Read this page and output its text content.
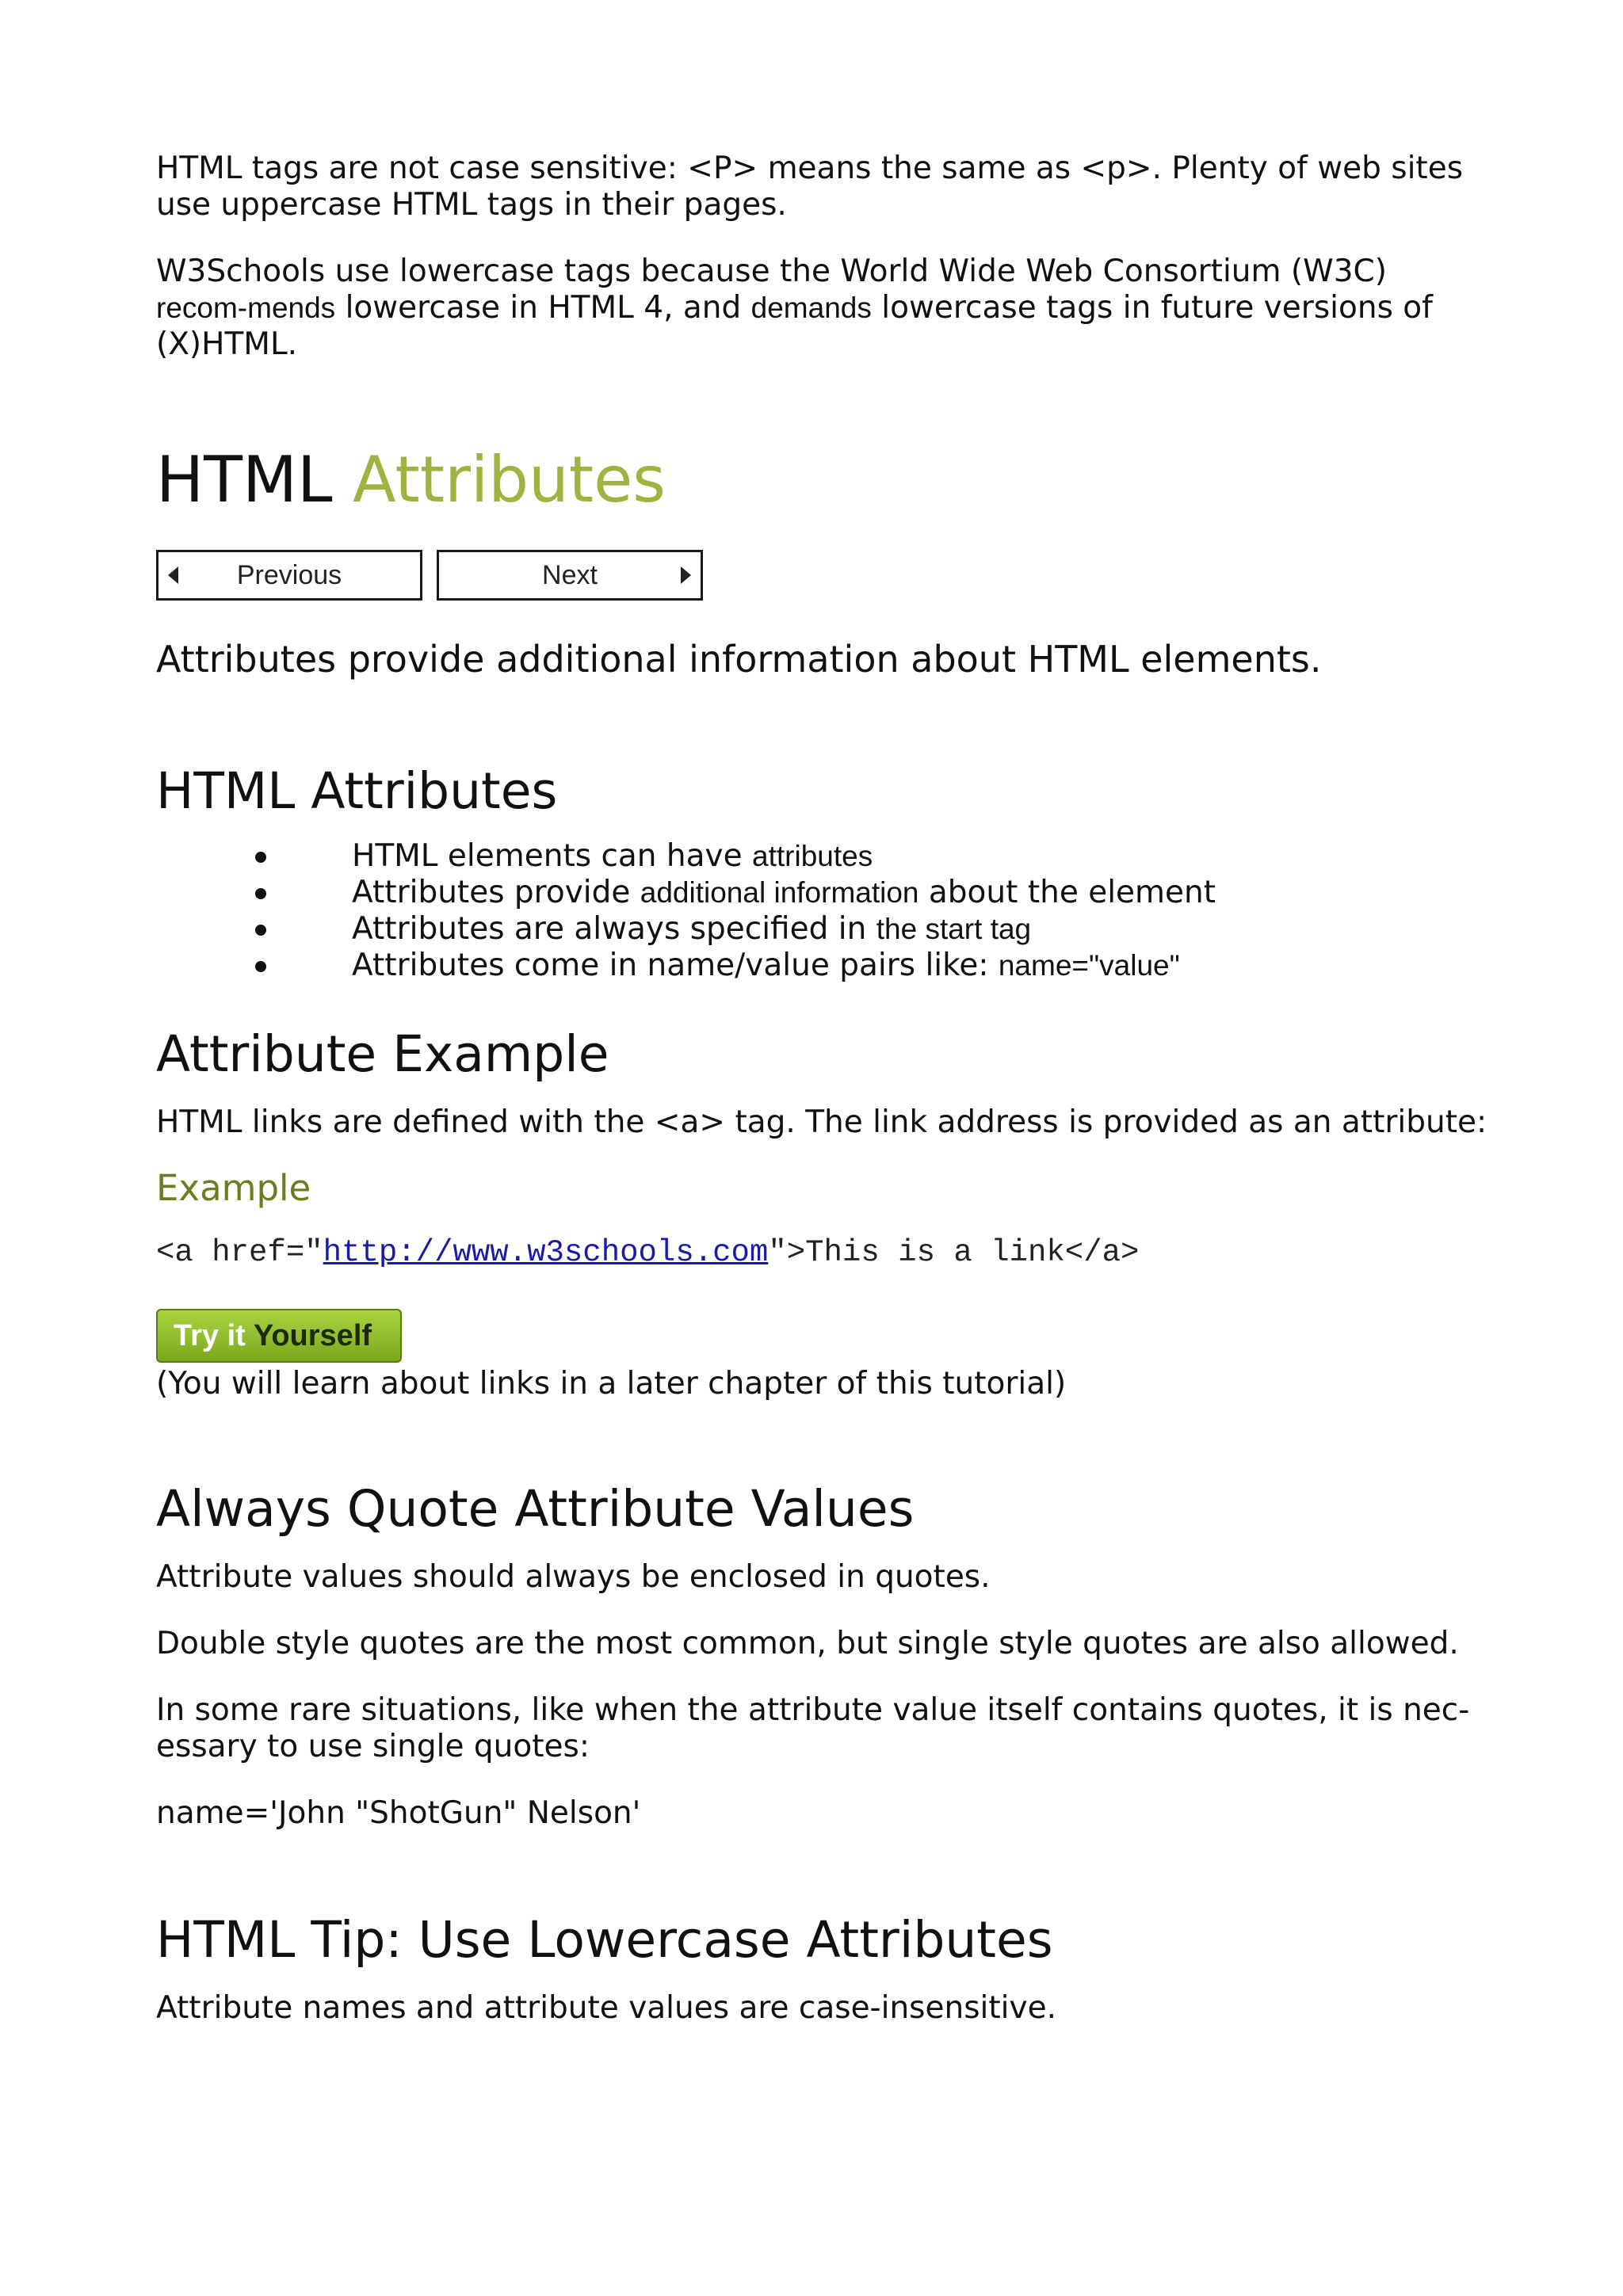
HTML tags are not case sensitive: <P> means the same as <p>. Plenty of web sites use uppercase HTML tags in their pages.

W3Schools use lowercase tags because the World Wide Web Consortium (W3C) recom-mends lowercase in HTML 4, and demands lowercase tags in future versions of (X)HTML.

HTML Attributes
Previous	Next

Attributes provide additional information about HTML elements.

HTML Attributes
HTML elements can have attributes
Attributes provide additional information about the element
Attributes are always specified in the start tag
Attributes come in name/value pairs like: name="value"
Attribute Example

HTML links are defined with the <a> tag. The link address is provided as an attribute:

Example
<a href="http://www.w3schools.com">This is a link</a>
Try it Yourself

(You will learn about links in a later chapter of this tutorial)

Always Quote Attribute Values

Attribute values should always be enclosed in quotes.

Double style quotes are the most common, but single style quotes are also allowed.

In some rare situations, like when the attribute value itself contains quotes, it is nec-essary to use single quotes:

name='John "ShotGun" Nelson'

HTML Tip: Use Lowercase Attributes

Attribute names and attribute values are case-insensitive.
